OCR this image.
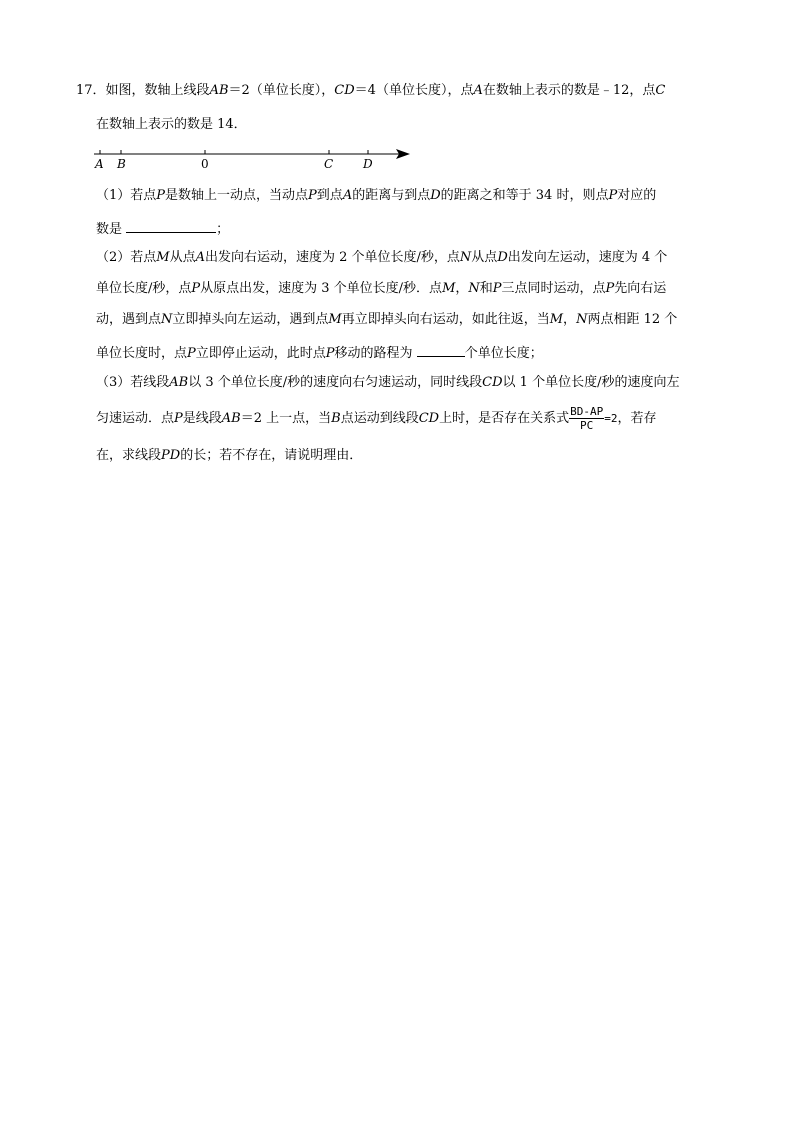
17．如图，数轴上线段AB＝2（单位长度），CD＝4（单位长度），点A在数轴上表示的数是﹣12，点C
在数轴上表示的数是 14．
A B	0	C D
（1）若点P是数轴上一动点，当动点P到点A的距离与到点D的距离之和等于 34 时，则点P对应的
数是	；
（2）若点M从点A出发向右运动，速度为 2 个单位长度/秒，点N从点D出发向左运动，速度为 4 个
单位长度/秒，点P从原点出发，速度为 3 个单位长度/秒．点M，N和P三点同时运动，点P先向右运
动，遇到点N立即掉头向左运动，遇到点M再立即掉头向右运动，如此往返，当M，N两点相距 12 个
单位长度时，点P立即停止运动，此时点P移动的路程为	个单位长度；
（3）若线段AB以 3 个单位长度/秒的速度向右匀速运动，同时线段CD以 1 个单位长度/秒的速度向左
匀速运动．点P是线段AB＝2 上一点，当B点运动到线段CD上时，是否存在关系式 $\frac{BD-AP}{PC} =2$，若存
在，求线段PD的长；若不存在，请说明理由．
